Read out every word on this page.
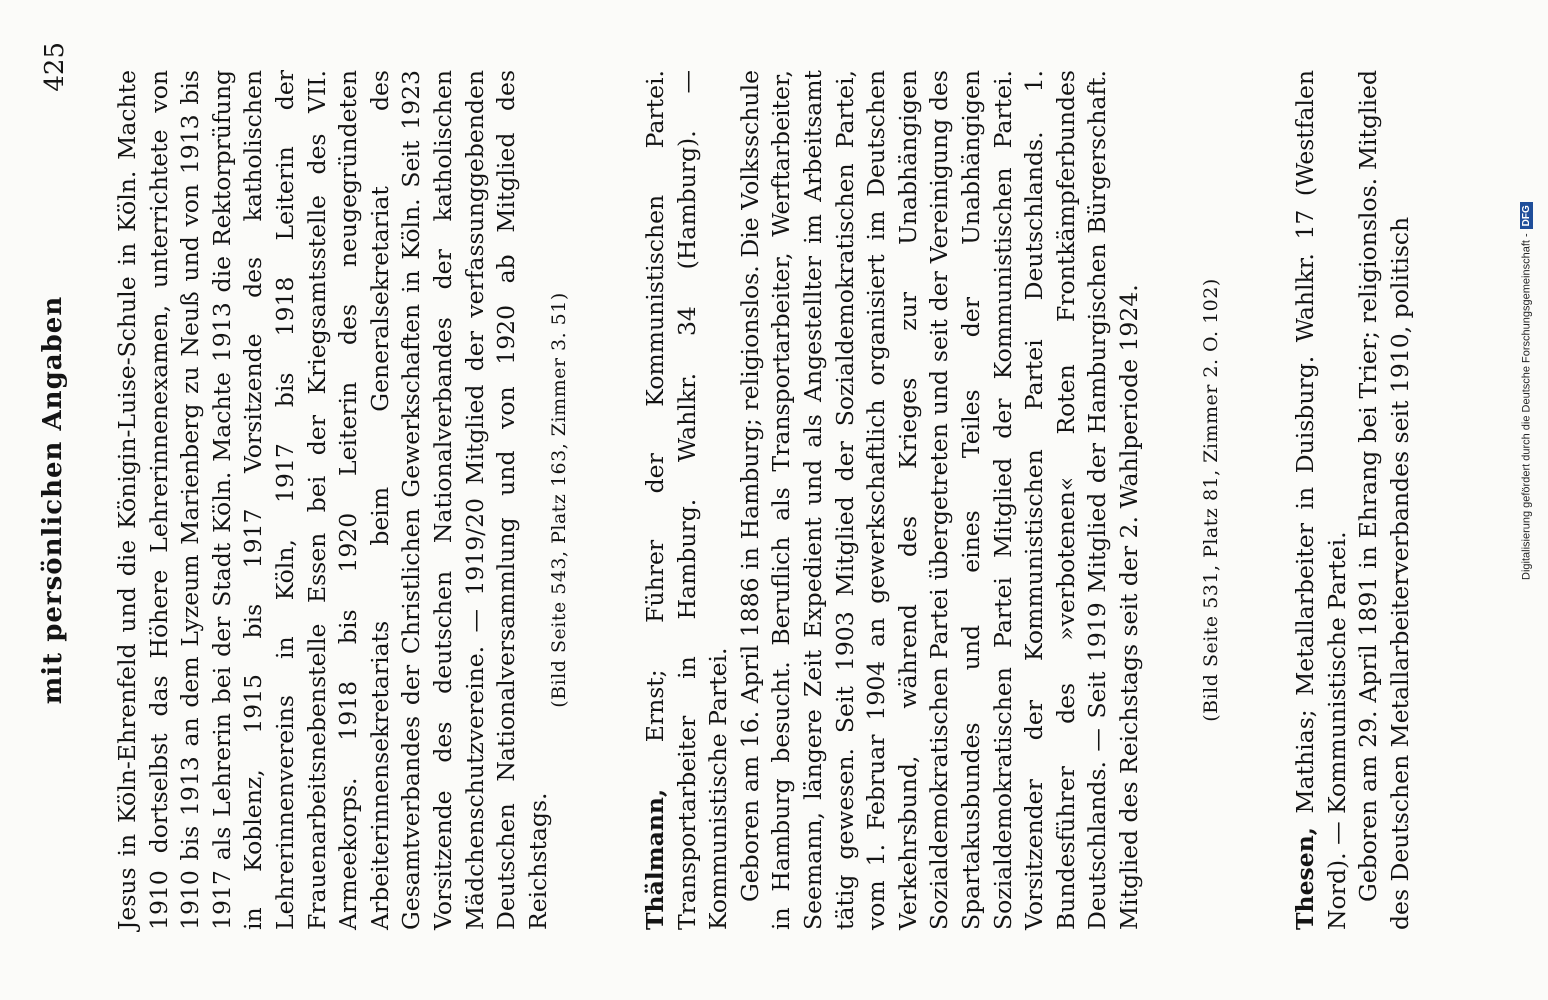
mit persönlichen Angaben
425

Jesus in Köln-Ehrenfeld und die Königin-Luise-Schule in Köln. Machte 1910 dortselbst das Höhere Lehrerinnenexamen, unterrichtete von 1910 bis 1913 an dem Lyzeum Marienberg zu Neuß und von 1913 bis 1917 als Lehrerin bei der Stadt Köln. Machte 1913 die Rektorprüfung in Koblenz, 1915 bis 1917 Vorsitzende des katholischen Lehrerinnenvereins in Köln, 1917 bis 1918 Leiterin der Frauenarbeitsnebenstelle Essen bei der Kriegsamtsstelle des VII. Armeekorps. 1918 bis 1920 Leiterin des neugegründeten Arbeiterinnensekretariats beim Generalsekretariat des Gesamtverbandes der Christlichen Gewerkschaften in Köln. Seit 1923 Vorsitzende des deutschen Nationalverbandes der katholischen Mädchenschutzvereine. — 1919/20 Mitglied der verfassunggebenden Deutschen Nationalversammlung und von 1920 ab Mitglied des Reichstags.

(Bild Seite 543, Platz 163, Zimmer 3. 51)

Thälmann, Ernst; Führer der Kommunistischen Partei. Transportarbeiter in Hamburg. Wahlkr. 34 (Hamburg). — Kommunistische Partei. Geboren am 16. April 1886 in Hamburg; religionslos. Die Volksschule in Hamburg besucht. Beruflich als Transportarbeiter, Werftarbeiter, Seemann, längere Zeit Expedient und als Angestellter im Arbeitsamt tätig gewesen. Seit 1903 Mitglied der Sozialdemokratischen Partei, vom 1. Februar 1904 an gewerkschaftlich organisiert im Deutschen Verkehrsbund, während des Krieges zur Unabhängigen Sozialdemokratischen Partei übergetreten und seit der Vereinigung des Spartakusbundes und eines Teiles der Unabhängigen Sozialdemokratischen Partei Mitglied der Kommunistischen Partei. Vorsitzender der Kommunistischen Partei Deutschlands. 1. Bundesführer des »verbotenen« Roten Frontkämpferbundes Deutschlands. — Seit 1919 Mitglied der Hamburgischen Bürgerschaft. Mitglied des Reichstags seit der 2. Wahlperiode 1924.	(Bild Seite 531, Platz 81, Zimmer 2. O. 102)

Thesen, Mathias; Metallarbeiter in Duisburg. Wahlkr. 17 (Westfalen Nord). — Kommunistische Partei. Geboren am 29. April 1891 in Ehrang bei Trier; religionslos. Mitglied des Deutschen Metallarbeiterverbandes seit 1910, politisch	Digitalisierung gefördert durch die Deutsche Forschungsgemeinschaft -DFG
